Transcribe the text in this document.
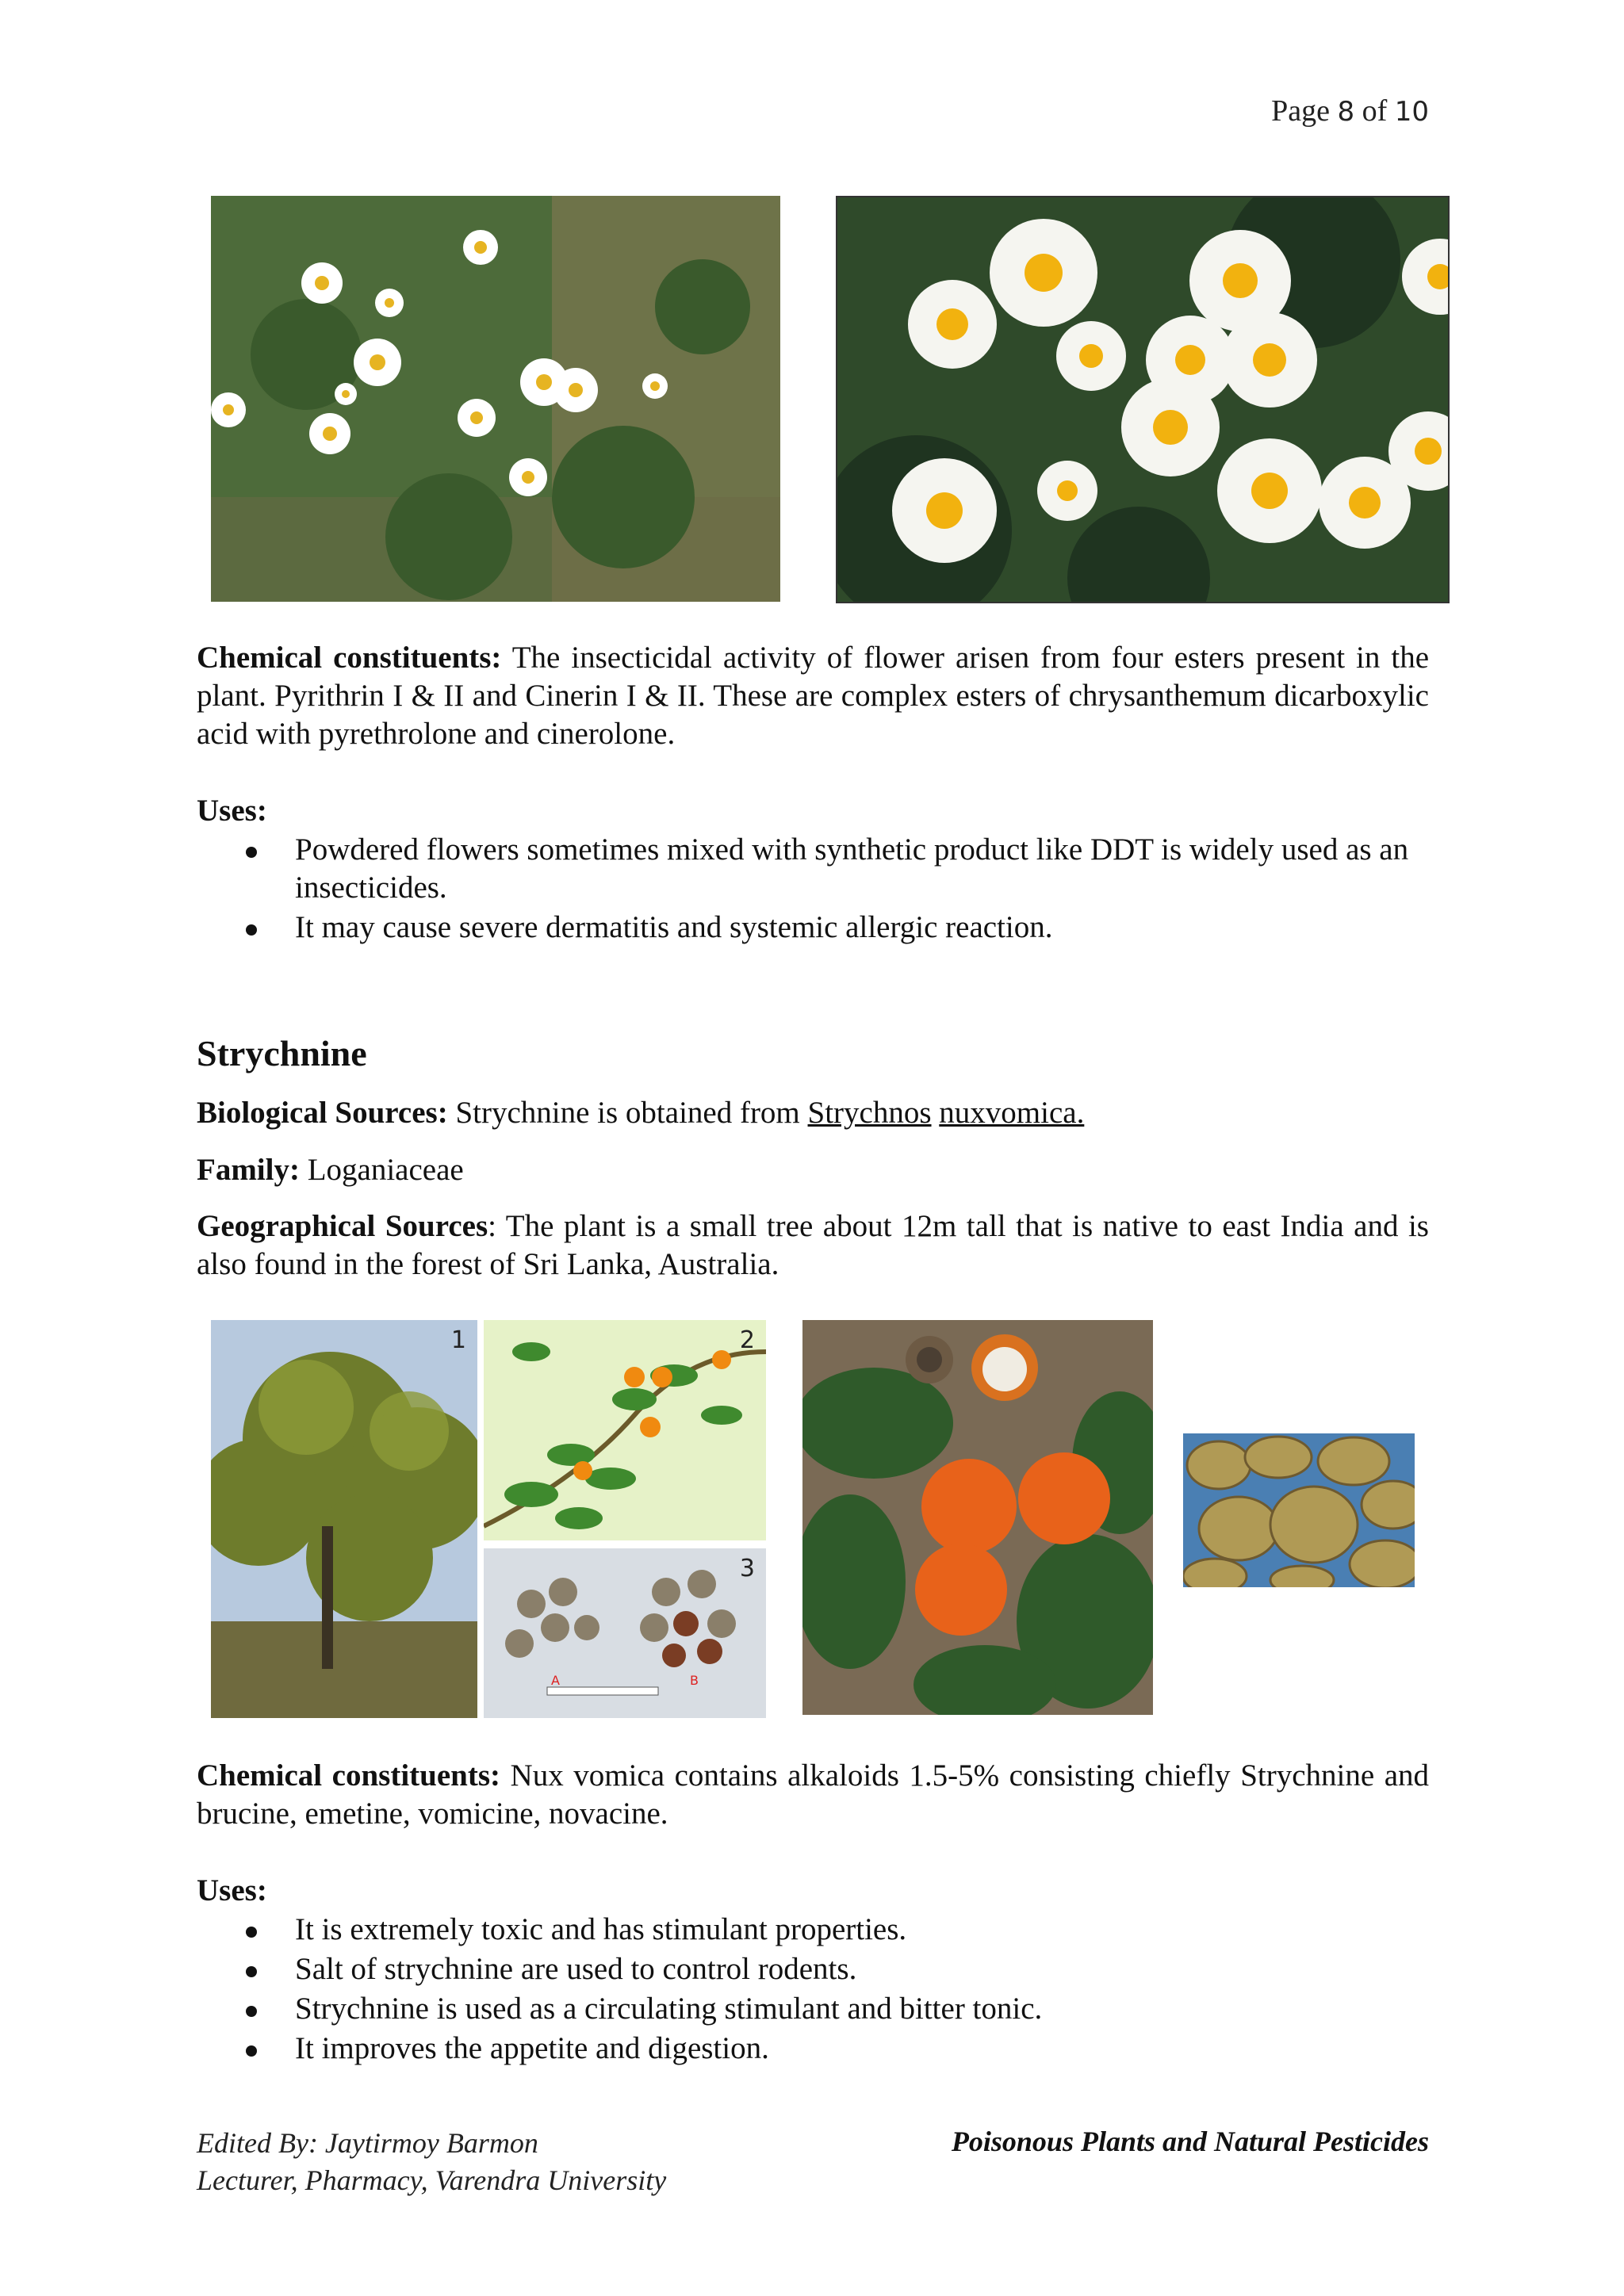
Page 8 of 10
Chemical constituents: The insecticidal activity of flower arisen from four esters present in the plant. Pyrithrin I & II and Cinerin I & II. These are complex esters of chrysanthemum dicarboxylic acid with pyrethrolone and cinerolone.
Uses:
Powdered flowers sometimes mixed with synthetic product like DDT is widely used as an insecticides.
It may cause severe dermatitis and systemic allergic reaction.
Strychnine
Biological Sources: Strychnine is obtained from Strychnos nuxvomica.
Family: Loganiaceae
Geographical Sources: The plant is a small tree about 12m tall that is native to east India and is also found in the forest of Sri Lanka, Australia.
1	2
A	B
3
Chemical constituents: Nux vomica contains alkaloids 1.5-5% consisting chiefly Strychnine and brucine, emetine, vomicine, novacine.
Uses:
It is extremely toxic and has stimulant properties.
Salt of strychnine are used to control rodents.
Strychnine is used as a circulating stimulant and bitter tonic.
It improves the appetite and digestion.
Edited By: Jaytirmoy Barmon
Lecturer, Pharmacy, Varendra University
Poisonous Plants and Natural Pesticides
